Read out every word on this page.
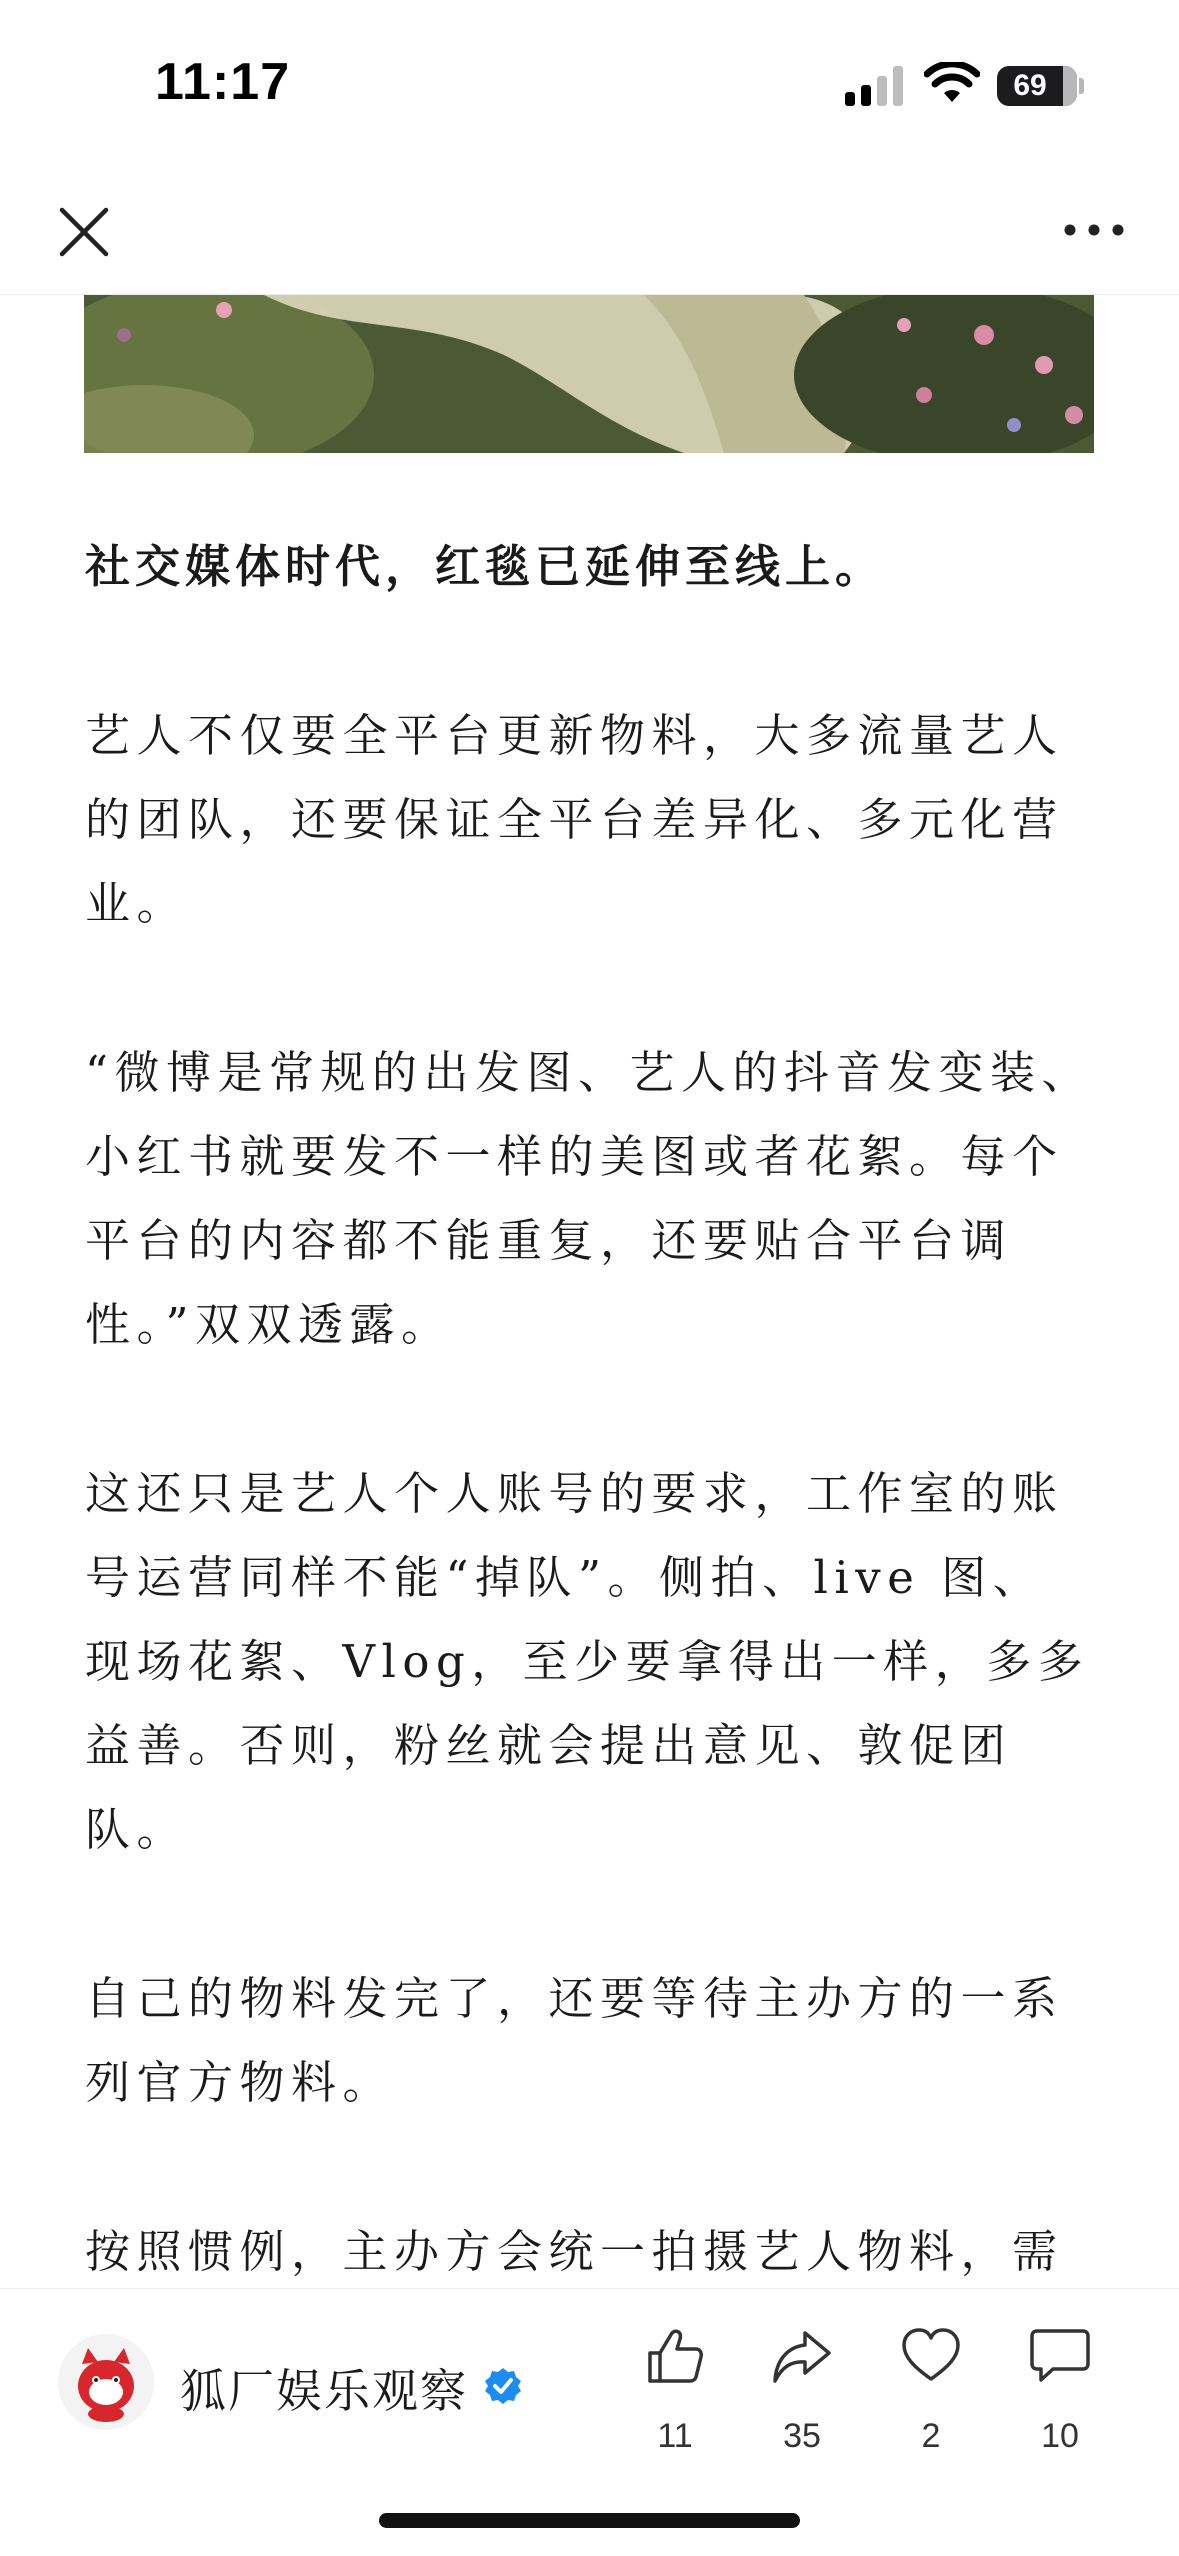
11:17	69

社交媒体时代，红毯已延伸至线上。

艺人不仅要全平台更新物料，大多流量艺人的团队，还要保证全平台差异化、多元化营业。

“微博是常规的出发图、艺人的抖音发变装、小红书就要发不一样的美图或者花絮。每个平台的内容都不能重复，还要贴合平台调性。”双双透露。

这还只是艺人个人账号的要求，工作室的账号运营同样不能“掉队”。侧拍、live 图、现场花絮、Vlog，至少要拿得出一样，多多益善。否则，粉丝就会提出意见、敦促团队。

自己的物料发完了，还要等待主办方的一系列官方物料。

按照惯例，主办方会统一拍摄艺人物料，需

狐厂娱乐观察
11	35	2	10
